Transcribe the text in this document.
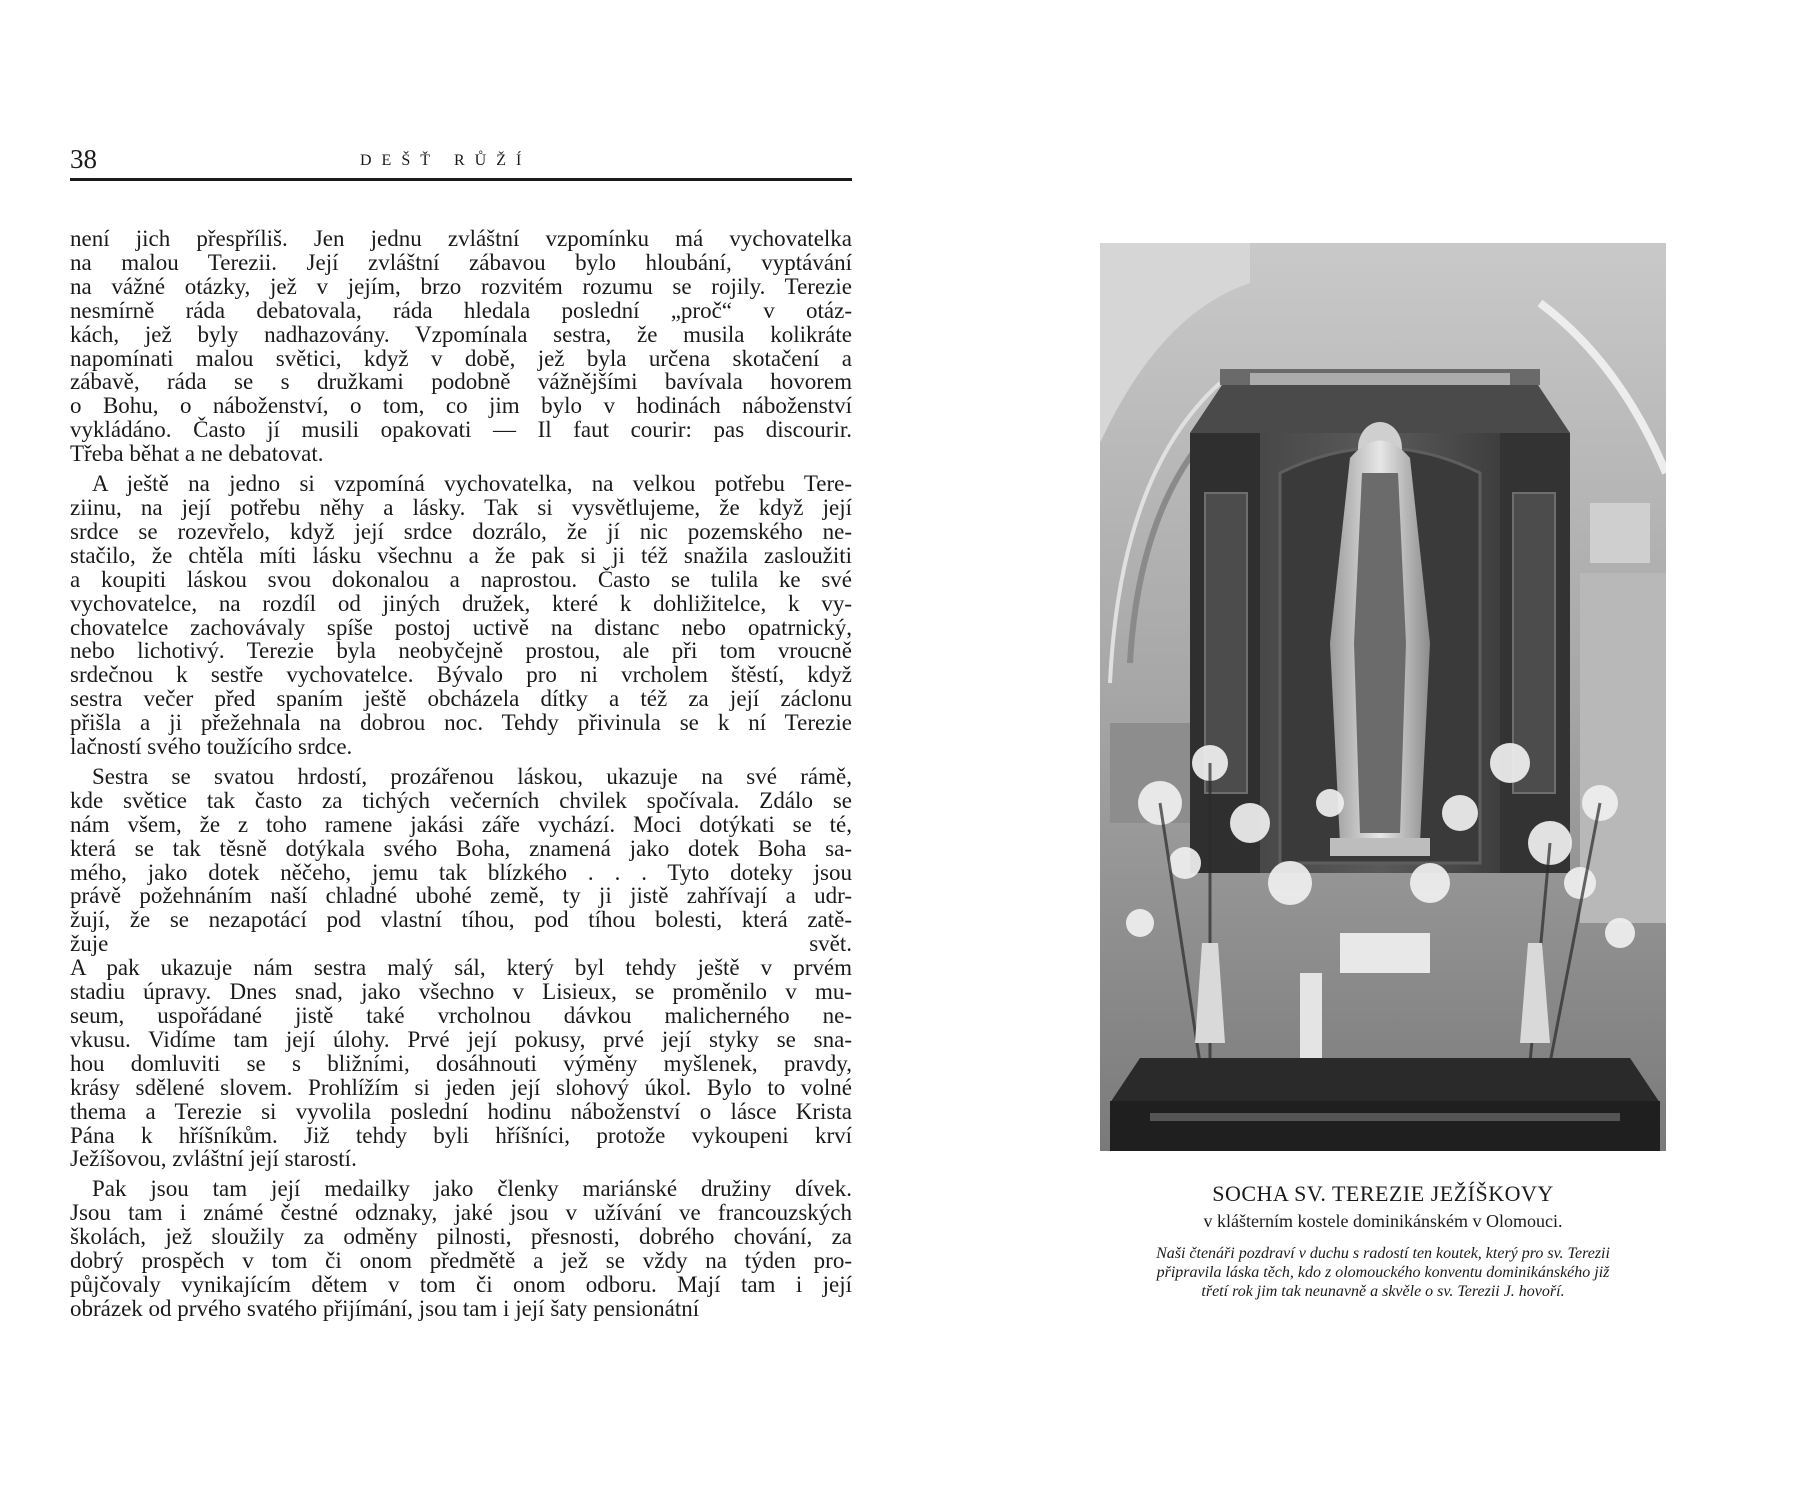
38	DEŠŤ RŮŽÍ
není jich přespříliš. Jen jednu zvláštní vzpomínku má vychovatelka
na malou Terezii. Její zvláštní zábavou bylo hloubání, vyptávání
na vážné otázky, jež v jejím, brzo rozvitém rozumu se rojily. Terezie
nesmírně ráda debatovala, ráda hledala poslední „proč“ v otáz-
kách, jež byly nadhazovány. Vzpomínala sestra, že musila kolikráte
napomínati malou světici, když v době, jež byla určena skotačení a
zábavě, ráda se s družkami podobně vážnějšími bavívala hovorem
o Bohu, o náboženství, o tom, co jim bylo v hodinách náboženství
vykládáno. Často jí musili opakovati — Il faut courir: pas discourir.
Třeba běhat a ne debatovat.
A ještě na jedno si vzpomíná vychovatelka, na velkou potřebu Tere-
ziinu, na její potřebu něhy a lásky. Tak si vysvětlujeme, že když její
srdce se rozevřelo, když její srdce dozrálo, že jí nic pozemského ne-
stačilo, že chtěla míti lásku všechnu a že pak si ji též snažila zasloužiti
a koupiti láskou svou dokonalou a naprostou. Často se tulila ke své
vychovatelce, na rozdíl od jiných družek, které k dohližitelce, k vy-
chovatelce zachovávaly spíše postoj uctivě na distanc nebo opatrnický,
nebo lichotivý. Terezie byla neobyčejně prostou, ale při tom vroucně
srdečnou k sestře vychovatelce. Bývalo pro ni vrcholem štěstí, když
sestra večer před spaním ještě obcházela dítky a též za její záclonu
přišla a ji přežehnala na dobrou noc. Tehdy přivinula se k ní Terezie
lačností svého toužícího srdce.
Sestra se svatou hrdostí, prozářenou láskou, ukazuje na své rámě,
kde světice tak často za tichých večerních chvilek spočívala. Zdálo se
nám všem, že z toho ramene jakási záře vychází. Moci dotýkati se té,
která se tak těsně dotýkala svého Boha, znamená jako dotek Boha sa-
mého, jako dotek něčeho, jemu tak blízkého . . . Tyto doteky jsou
právě požehnáním naší chladné ubohé země, ty ji jistě zahřívají a udr-
žují, že se nezapotácí pod vlastní tíhou, pod tíhou bolesti, která zatě-
žuje svět.
A pak ukazuje nám sestra malý sál, který byl tehdy ještě v prvém
stadiu úpravy. Dnes snad, jako všechno v Lisieux, se proměnilo v mu-
seum, uspořádané jistě také vrcholnou dávkou malicherného ne-
vkusu. Vidíme tam její úlohy. Prvé její pokusy, prvé její styky se sna-
hou domluviti se s bližními, dosáhnouti výměny myšlenek, pravdy,
krásy sdělené slovem. Prohlížím si jeden její slohový úkol. Bylo to volné
thema a Terezie si vyvolila poslední hodinu náboženství o lásce Krista
Pána k hříšníkům. Již tehdy byli hříšníci, protože vykoupeni krví
Ježíšovou, zvláštní její starostí.
Pak jsou tam její medailky jako členky mariánské družiny dívek.
Jsou tam i známé čestné odznaky, jaké jsou v užívání ve francouzských
školách, jež sloužily za odměny pilnosti, přesnosti, dobrého chování, za
dobrý prospěch v tom či onom předmětě a jež se vždy na týden pro-
půjčovaly vynikajícím dětem v tom či onom odboru. Mají tam i její
obrázek od prvého svatého přijímání, jsou tam i její šaty pensionátní
SOCHA SV. TEREZIE JEŽÍŠKOVY
v klášterním kostele dominikánském v Olomouci.
Naši čtenáři pozdraví v duchu s radostí ten koutek, který pro sv. Terezii
připravila láska těch, kdo z olomouckého konventu dominikánského již
třetí rok jim tak neunavně a skvěle o sv. Terezii J. hovoří.
